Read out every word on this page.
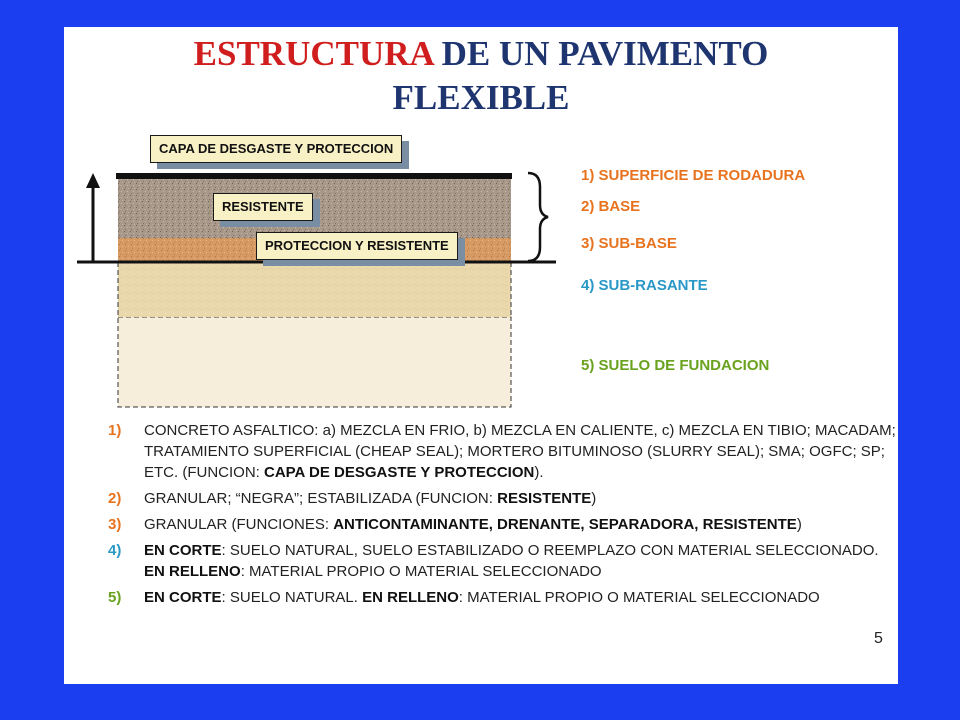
ESTRUCTURA DE UN PAVIMENTO
FLEXIBLE
CAPA DE DESGASTE Y PROTECCION
RESISTENTE
PROTECCION Y RESISTENTE
1) SUPERFICIE DE RODADURA
2) BASE
3) SUB-BASE
4) SUB-RASANTE
5) SUELO DE FUNDACION
1) CONCRETO ASFALTICO: a) MEZCLA EN FRIO, b) MEZCLA EN CALIENTE, c) MEZCLA EN TIBIO; MACADAM; TRATAMIENTO SUPERFICIAL (CHEAP SEAL); MORTERO BITUMINOSO (SLURRY SEAL); SMA; OGFC; SP; ETC. (FUNCION: CAPA DE DESGASTE Y PROTECCION).
2) GRANULAR; “NEGRA”; ESTABILIZADA (FUNCION: RESISTENTE)
3) GRANULAR (FUNCIONES: ANTICONTAMINANTE, DRENANTE, SEPARADORA, RESISTENTE)
4) EN CORTE: SUELO NATURAL, SUELO ESTABILIZADO O REEMPLAZO CON MATERIAL SELECCIONADO. EN RELLENO: MATERIAL PROPIO O MATERIAL SELECCIONADO
5) EN CORTE: SUELO NATURAL. EN RELLENO: MATERIAL PROPIO O MATERIAL SELECCIONADO
5
